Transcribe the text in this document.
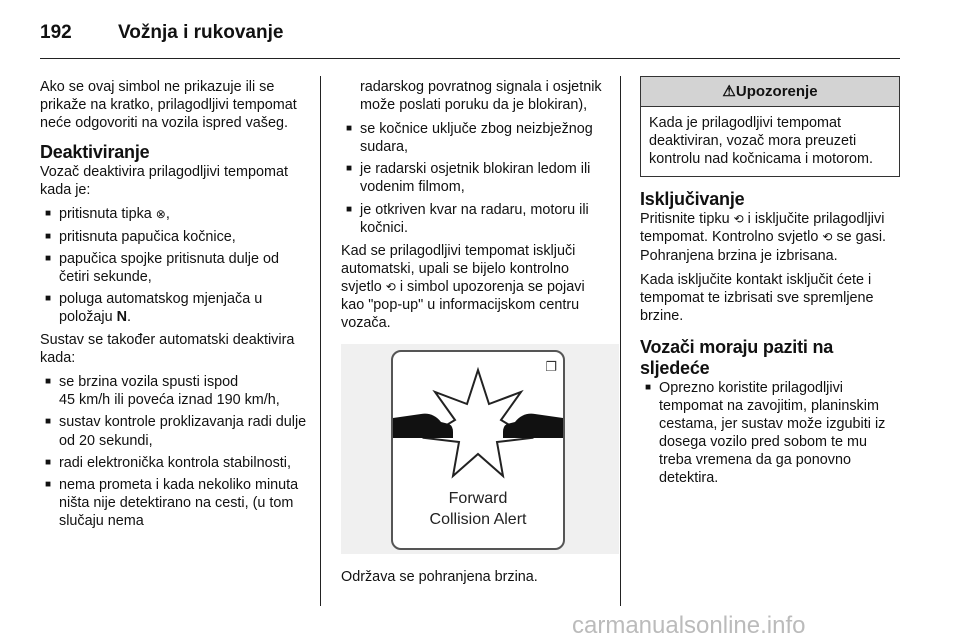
192 Vožnja i rukovanje

Ako se ovaj simbol ne prikazuje ili se prikaže na kratko, prilagodljivi tempomat neće odgovoriti na vozila ispred vašeg.

Deaktiviranje

Vozač deaktivira prilagodljivi tempomat kada je:

■ pritisnuta tipka ⊗,
■ pritisnuta papučica kočnice,
■ papučica spojke pritisnuta dulje od četiri sekunde,
■ poluga automatskog mjenjača u položaju N.

Sustav se također automatski deaktivira kada:

■ se brzina vozila spusti ispod
45 km/h ili poveća iznad 190 km/h,
■ sustav kontrole proklizavanja radi dulje od 20 sekundi,
■ radi elektronička kontrola stabilnosti,
■ nema prometa i kada nekoliko minuta ništa nije detektirano na cesti, (u tom slučaju nema

radarskog povratnog signala i osjetnik može poslati poruku da je blokiran),

■ se kočnice uključe zbog neizbježnog sudara,
■ je radarski osjetnik blokiran ledom ili vodenim filmom,
■ je otkriven kvar na radaru, motoru ili kočnici.

Kad se prilagodljivi tempomat isključi automatski, upali se bijelo kontrolno svjetlo ⟲ i simbol upozorenja se pojavi kao "pop-up" u informacijskom centru vozača.

❐
Forward
Collision Alert

Održava se pohranjena brzina.

⚠Upozorenje
Kada je prilagodljivi tempomat deaktiviran, vozač mora preuzeti kontrolu nad kočnicama i motorom.
Isključivanje

Pritisnite tipku ⟲ i isključite prilagodljivi tempomat. Kontrolno svjetlo ⟲ se gasi. Pohranjena brzina je izbrisana.

Kada isključite kontakt isključit ćete i tempomat te izbrisati sve spremljene brzine.

Vozači moraju paziti na sljedeće
■ Oprezno koristite prilagodljivi tempomat na zavojitim, planinskim cestama, jer sustav može izgubiti iz dosega vozilo pred sobom te mu treba vremena da ga ponovno detektira.
carmanualsonline.info
